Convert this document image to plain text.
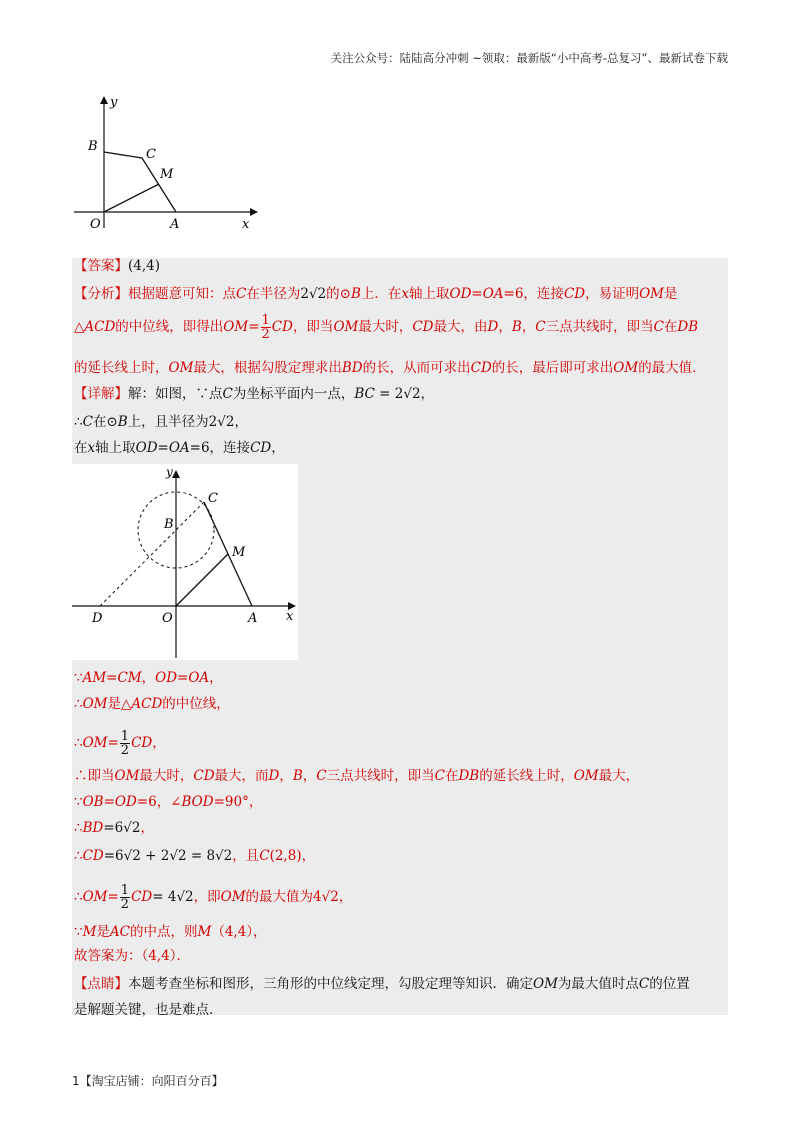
关注公众号：陆陆高分冲刺 ~领取：最新版“小中高考-总复习”、最新试卷下载
y
x
B
C
M
O	A
【答案】(4,4)
【分析】根据题意可知：点C在半径为2√2的⊙B上．在x轴上取OD=OA=6，连接CD，易证明OM是
△ACD的中位线，即得出$OM= \frac{1}{2}$ CD，即当OM最大时，CD最大，由D，B，C三点共线时，即当C在DB
的延长线上时，OM最大，根据勾股定理求出BD的长，从而可求出CD的长，最后即可求出OM的最大值．
【详解】解：如图，∵点C为坐标平面内一点，BC = 2√2，
∴C在⊙B上，且半径为2√2，
在x轴上取OD=OA=6，连接CD，
y
x
B
C
M
O	A
D
∵AM=CM，OD=OA，
∴OM是△ACD的中位线，
∴OM= $\frac{1}{2}$ CD，
∴即当OM最大时，CD最大，而D，B，C三点共线时，即当C在DB的延长线上时，OM最大，
∵OB=OD=6，∠BOD=90°，
∴BD=6√2，
∴CD=6√2 + 2√2 = 8√2，且C(2,8)，
∴OM= $\frac{1}{2} CD= 4√2$，即OM的最大值为4√2，
∵M是AC的中点，则M（4,4），
故答案为：（4,4）．
【点睛】本题考查坐标和图形，三角形的中位线定理，勾股定理等知识．确定OM为最大值时点C的位置
是解题关键，也是难点．
1【淘宝店铺：向阳百分百】
